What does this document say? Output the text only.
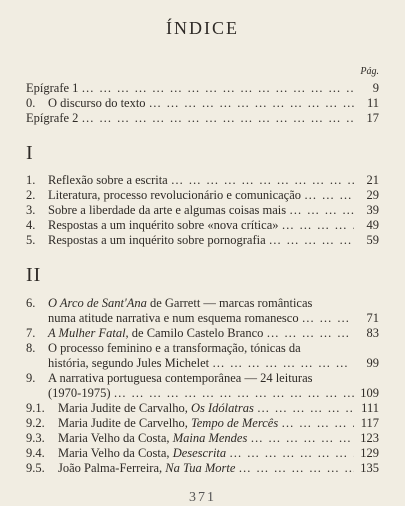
ÍNDICE
Pág.
Epígrafe 1 … … … … … … … … … … … … … … … … … … … … … … … … … … … … … … … … … … … …	9
0.	O discurso do texto … … … … … … … … … … … … … … … … … … … … … … … … … … … … … … … … … … … …	11
Epígrafe 2 … … … … … … … … … … … … … … … … … … … … … … … … … … … … … … … … … … … …	17
I
1.	Reflexão sobre a escrita … … … … … … … … … … … … … … … … … … … … … … … … … … … … … … … … … … … …	21
2.	Literatura, processo revolucionário e comunicação … … … … … … … … … … … … … … … … … … … … … … … … … … … … … … … … … … … …	29
3.	Sobre a liberdade da arte e algumas coisas mais … … … … … … … … … … … … … … … … … … … … … … … … … … … … … … … … … … … …	39
4.	Respostas a um inquérito sobre «nova crítica» … … … … … … … … … … … … … … … … … … … … … … … … … … … … … … … … … … … …	49
5.	Respostas a um inquérito sobre pornografia … … … … … … … … … … … … … … … … … … … … … … … … … … … … … … … … … … … …	59
II
6.	O Arco de Sant'Ana
de Garrett — marcas românticas
numa atitude narrativa e num esquema romanesco … … … … … … … … … … … … … … … … … … … … … … … … … … … … … … … … … … … …	71
7.	A Mulher Fatal,
de Camilo Castelo Branco … … … … … … … … … … … … … … … … … … … … … … … … … … … … … … … … … … … …	83
8.	O processo feminino e a transformação, tónicas da
história, segundo Jules Michelet … … … … … … … … … … … … … … … … … … … … … … … … … … … … … … … … … … … …	99
9.	A narrativa portuguesa contemporânea — 24 leituras
(1970-1975) … … … … … … … … … … … … … … … … … … … … … … … … … … … … … … … … … … … …	109
9.1.	Maria Judite de Carvalho,
Os Idólatras … … … … … … … … … … … … … … … … … … … … … … … … … … … … … … … … … … … …	111
9.2.	Maria Judite de Carvelho,
Tempo de Mercês … … … … … … … … … … … … … … … … … … … … … … … … … … … … … … … … … … … …	117
9.3.	Maria Velho da Costa,
Maina Mendes … … … … … … … … … … … … … … … … … … … … … … … … … … … … … … … … … … … …	123
9.4.	Maria Velho da Costa,
Desescrita … … … … … … … … … … … … … … … … … … … … … … … … … … … … … … … … … … … …	129
9.5.	João Palma-Ferreira,
Na Tua Morte … … … … … … … … … … … … … … … … … … … … … … … … … … … … … … … … … … … …	135
371
